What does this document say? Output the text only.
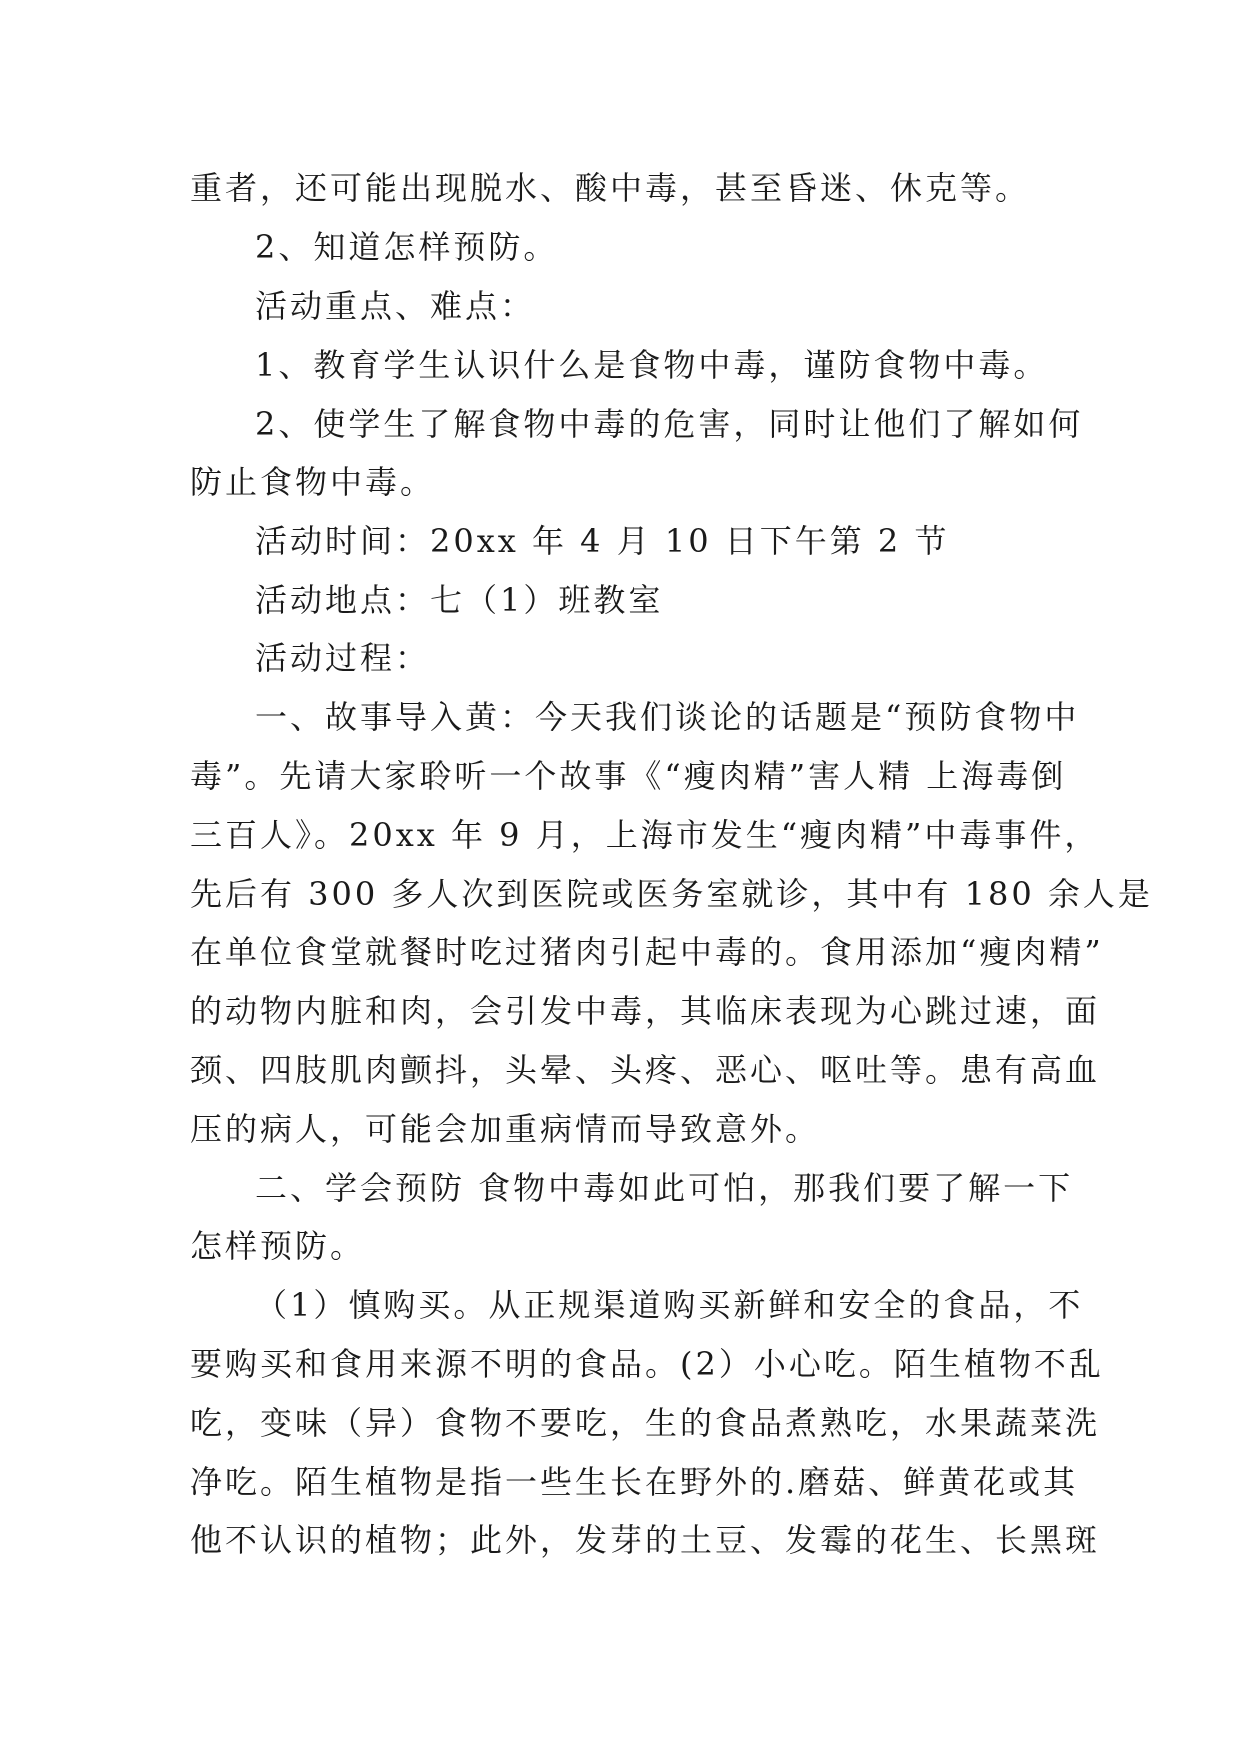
重者，还可能出现脱水、酸中毒，甚至昏迷、休克等。
2、知道怎样预防。
活动重点、难点：
1、教育学生认识什么是食物中毒，谨防食物中毒。
2、使学生了解食物中毒的危害，同时让他们了解如何
防止食物中毒。
活动时间：20xx 年 4 月 10 日下午第 2 节
活动地点：七（1）班教室
活动过程：
一、故事导入黄：今天我们谈论的话题是“预防食物中
毒”。先请大家聆听一个故事《“瘦肉精”害人精 上海毒倒
三百人》。20xx 年 9 月，上海市发生“瘦肉精”中毒事件，
先后有 300 多人次到医院或医务室就诊，其中有 180 余人是
在单位食堂就餐时吃过猪肉引起中毒的。食用添加“瘦肉精”
的动物内脏和肉，会引发中毒，其临床表现为心跳过速，面
颈、四肢肌肉颤抖，头晕、头疼、恶心、呕吐等。患有高血
压的病人，可能会加重病情而导致意外。
二、学会预防 食物中毒如此可怕，那我们要了解一下
怎样预防。
（1）慎购买。从正规渠道购买新鲜和安全的食品，不
要购买和食用来源不明的食品。(2）小心吃。陌生植物不乱
吃，变味（异）食物不要吃，生的食品煮熟吃，水果蔬菜洗
净吃。陌生植物是指一些生长在野外的.磨菇、鲜黄花或其
他不认识的植物；此外，发芽的土豆、发霉的花生、长黑斑
